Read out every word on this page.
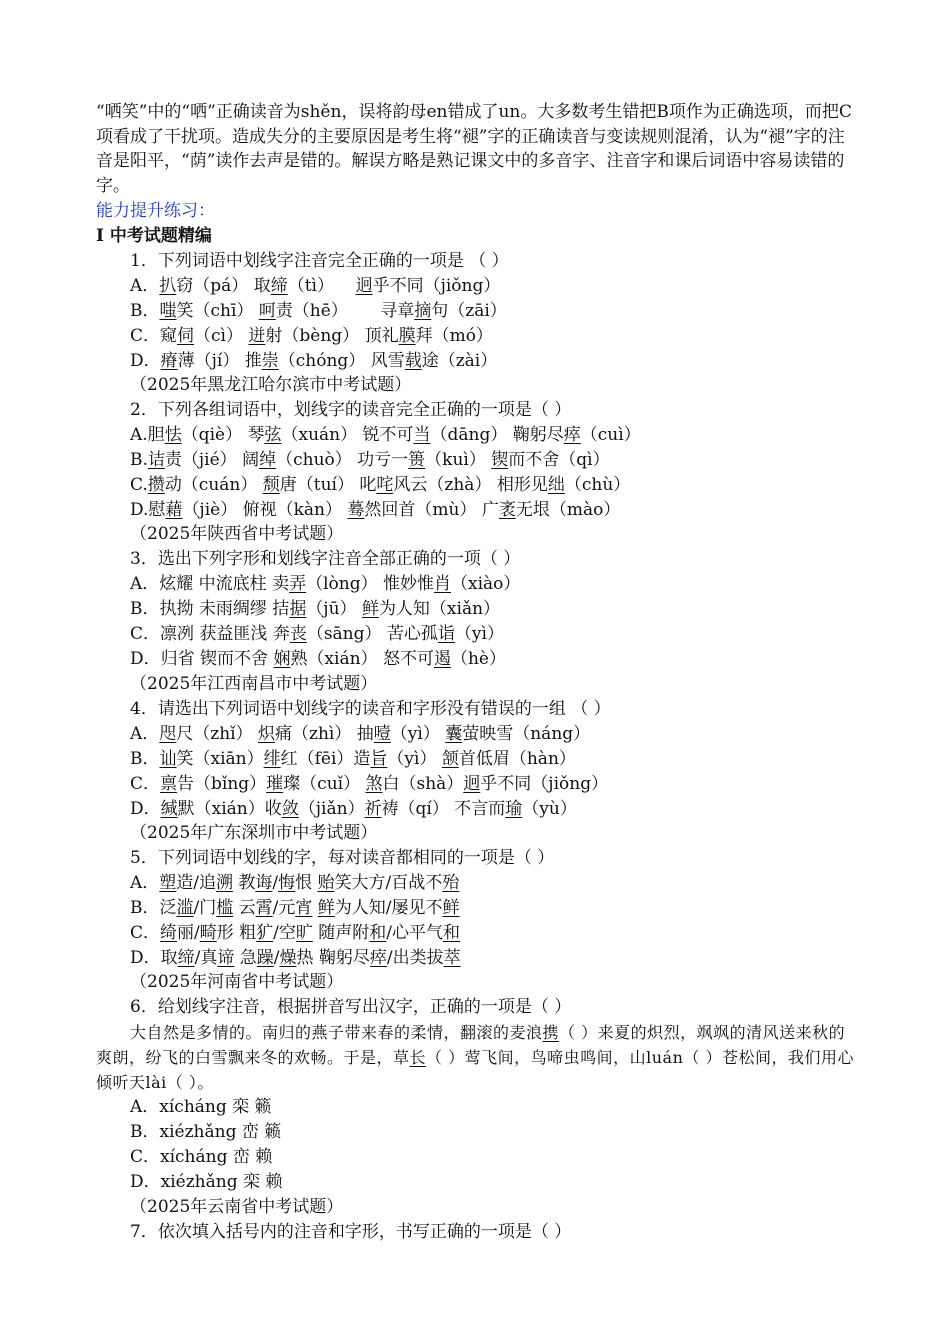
“哂笑”中的“哂”正确读音为shěn，误将韵母en错成了un。大多数考生错把B项作为正确选项，而把C项看成了干扰项。造成失分的主要原因是考生将“褪”字的正确读音与变读规则混淆，认为“褪”字的注音是阳平，“荫”读作去声是错的。解误方略是熟记课文中的多音字、注音字和课后词语中容易读错的字。
能力提升练习：
Ⅰ 中考试题精编
1．下列词语中划线字注音完全正确的一项是 （ ）
A．扒窃（pá） 取缔（tì）    迥乎不同（jiǒng）
B．嗤笑（chī） 呵责（hē）      寻章摘句（zāi）
C．窥伺（cì） 迸射（bèng） 顶礼膜拜（mó）
D．瘠薄（jí） 推崇（chóng） 风雪载途（zài）
（2025年黑龙江哈尔滨市中考试题）
2．下列各组词语中，划线字的读音完全正确的一项是（ ）
A.胆怯（qiè） 琴弦（xuán） 锐不可当（dāng） 鞠躬尽瘁（cuì）
B.诘责（jié） 阔绰（chuò） 功亏一篑（kuì） 锲而不舍（qì）
C.攒动（cuán） 颓唐（tuí） 叱咤风云（zhà） 相形见绌（chù）
D.慰藉（jiè） 俯视（kàn） 蓦然回首（mù） 广袤无垠（mào）
（2025年陕西省中考试题）
3．选出下列字形和划线字注音全部正确的一项（ ）
A．炫耀 中流底柱 卖弄（lòng） 惟妙惟肖（xiào）
B．执拗 未雨绸缪 拮据（jū） 鲜为人知（xiǎn）
C．凛冽 获益匪浅 奔丧（sāng） 苦心孤诣（yì）
D．归省 锲而不舍 娴熟（xián） 怒不可遏（hè）
（2025年江西南昌市中考试题）
4．请选出下列词语中划线字的读音和字形没有错误的一组 （ ）
A．咫尺（zhǐ） 炽痛（zhì） 抽噎（yì） 囊萤映雪（náng）
B．讪笑（xiān）绯红（fēi）造旨（yì） 颔首低眉（hàn）
C．禀告（bǐng）璀璨（cuǐ） 煞白（shà）迥乎不同（jiǒng）
D．缄默（xián）收敛（jiǎn）祈祷（qí） 不言而瑜（yù）
（2025年广东深圳市中考试题）
5．下列词语中划线的字，每对读音都相同的一项是（ ）
A．塑造/追溯 教诲/悔恨 贻笑大方/百战不殆
B．泛滥/门槛 云霄/元宵 鲜为人知/屡见不鲜
C．绮丽/畸形 粗犷/空旷 随声附和/心平气和
D．取缔/真谛 急躁/燥热 鞠躬尽瘁/出类拔萃
（2025年河南省中考试题）
6．给划线字注音，根据拼音写出汉字，正确的一项是（ ）
大自然是多情的。南归的燕子带来春的柔情，翻滚的麦浪携（ ）来夏的炽烈，飒飒的清风送来秋的爽朗，纷飞的白雪飘来冬的欢畅。于是，草长（ ）莺飞间，鸟啼虫鸣间，山luán（ ）苍松间，我们用心倾听天lài（ ）。
A．xícháng 栾 籁
B．xiézhǎng 峦 籁
C．xícháng 峦 赖
D．xiézhǎng 栾 赖
（2025年云南省中考试题）
7．依次填入括号内的注音和字形，书写正确的一项是（ ）
